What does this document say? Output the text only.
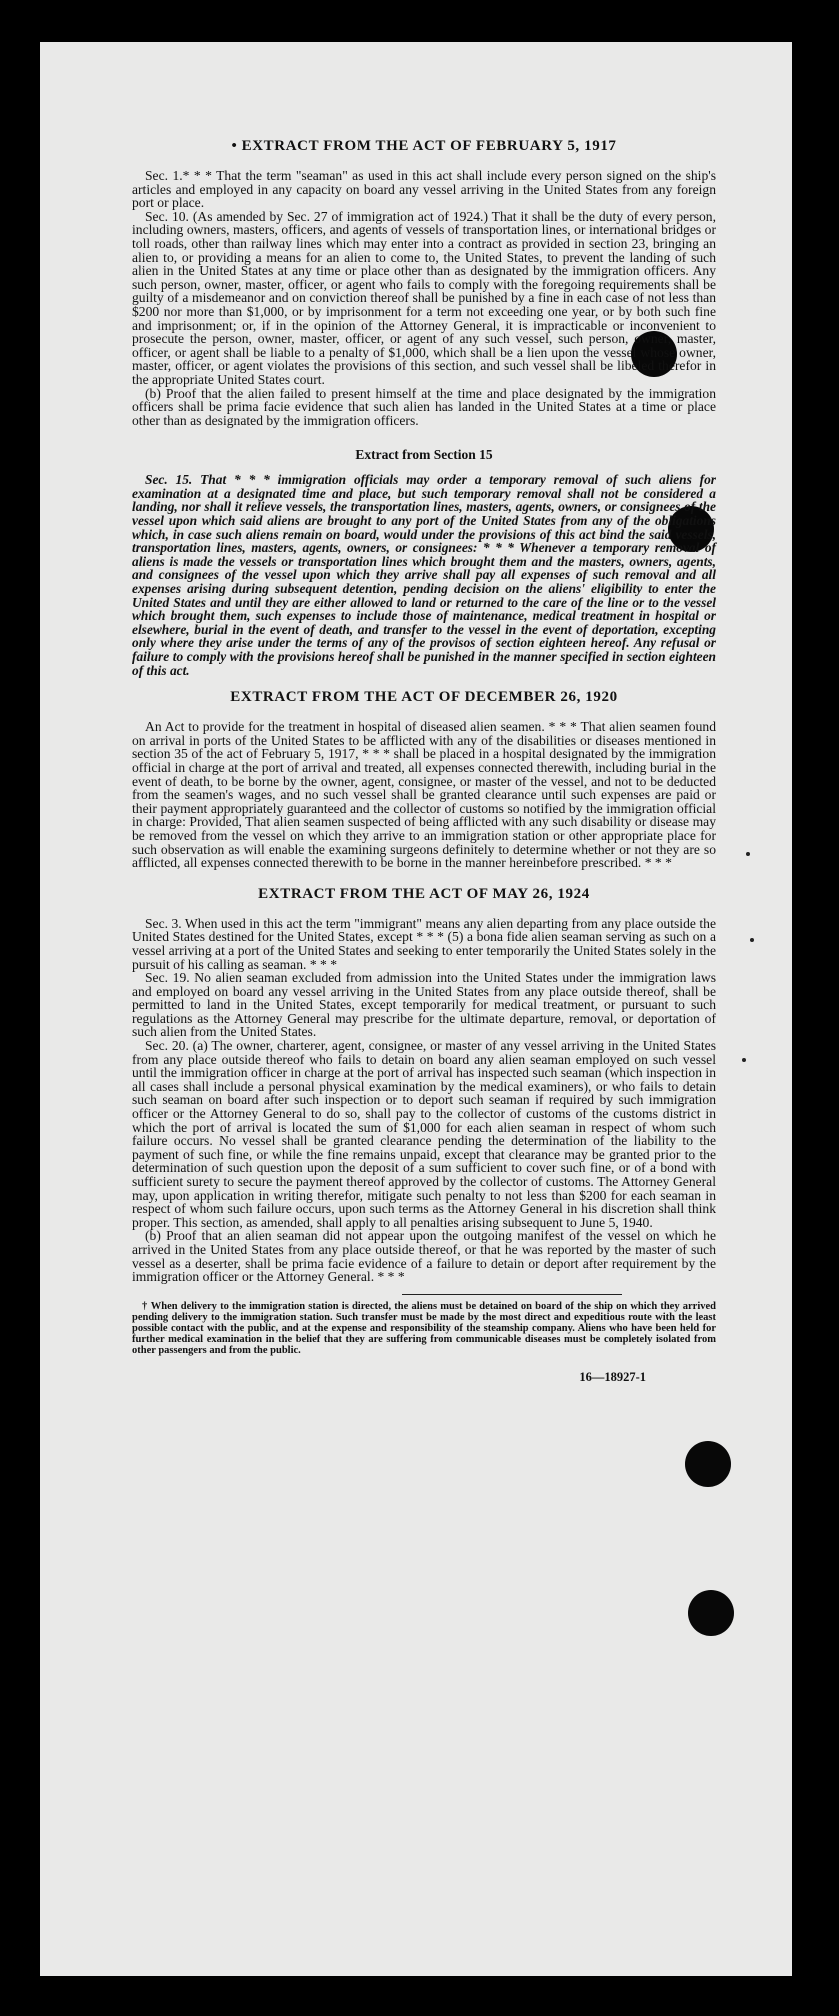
• EXTRACT FROM THE ACT OF FEBRUARY 5, 1917

Sec. 1.* * * That the term "seaman" as used in this act shall include every person signed on the ship's articles and employed in any capacity on board any vessel arriving in the United States from any foreign port or place.

Sec. 10. (As amended by Sec. 27 of immigration act of 1924.) That it shall be the duty of every person, including owners, masters, officers, and agents of vessels of transportation lines, or international bridges or toll roads, other than railway lines which may enter into a contract as provided in section 23, bringing an alien to, or providing a means for an alien to come to, the United States, to prevent the landing of such alien in the United States at any time or place other than as designated by the immigration officers. Any such person, owner, master, officer, or agent who fails to comply with the foregoing requirements shall be guilty of a misdemeanor and on conviction thereof shall be punished by a fine in each case of not less than $200 nor more than $1,000, or by imprisonment for a term not exceeding one year, or by both such fine and imprisonment; or, if in the opinion of the Attorney General, it is impracticable or inconvenient to prosecute the person, owner, master, officer, or agent of any such vessel, such person, owner, master, officer, or agent shall be liable to a penalty of $1,000, which shall be a lien upon the vessel whose owner, master, officer, or agent violates the provisions of this section, and such vessel shall be libeled therefor in the appropriate United States court.

(b) Proof that the alien failed to present himself at the time and place designated by the immigration officers shall be prima facie evidence that such alien has landed in the United States at a time or place other than as designated by the immigration officers.

Extract from Section 15

Sec. 15. That * * * immigration officials may order a temporary removal of such aliens for examination at a designated time and place, but such temporary removal shall not be considered a landing, nor shall it relieve vessels, the transportation lines, masters, agents, owners, or consignees of the vessel upon which said aliens are brought to any port of the United States from any of the obligations which, in case such aliens remain on board, would under the provisions of this act bind the said vessels, transportation lines, masters, agents, owners, or consignees: * * * Whenever a temporary removal of aliens is made the vessels or transportation lines which brought them and the masters, owners, agents, and consignees of the vessel upon which they arrive shall pay all expenses of such removal and all expenses arising during subsequent detention, pending decision on the aliens' eligibility to enter the United States and until they are either allowed to land or returned to the care of the line or to the vessel which brought them, such expenses to include those of maintenance, medical treatment in hospital or elsewhere, burial in the event of death, and transfer to the vessel in the event of deportation, excepting only where they arise under the terms of any of the provisos of section eighteen hereof. Any refusal or failure to comply with the provisions hereof shall be punished in the manner specified in section eighteen of this act.

EXTRACT FROM THE ACT OF DECEMBER 26, 1920

An Act to provide for the treatment in hospital of diseased alien seamen. * * * That alien seamen found on arrival in ports of the United States to be afflicted with any of the disabilities or diseases mentioned in section 35 of the act of February 5, 1917, * * * shall be placed in a hospital designated by the immigration official in charge at the port of arrival and treated, all expenses connected therewith, including burial in the event of death, to be borne by the owner, agent, consignee, or master of the vessel, and not to be deducted from the seamen's wages, and no such vessel shall be granted clearance until such expenses are paid or their payment appropriately guaranteed and the collector of customs so notified by the immigration official in charge: Provided, That alien seamen suspected of being afflicted with any such disability or disease may be removed from the vessel on which they arrive to an immigration station or other appropriate place for such observation as will enable the examining surgeons definitely to determine whether or not they are so afflicted, all expenses connected therewith to be borne in the manner hereinbefore prescribed. * * *

EXTRACT FROM THE ACT OF MAY 26, 1924

Sec. 3. When used in this act the term "immigrant" means any alien departing from any place outside the United States destined for the United States, except * * * (5) a bona fide alien seaman serving as such on a vessel arriving at a port of the United States and seeking to enter temporarily the United States solely in the pursuit of his calling as seaman. * * *

Sec. 19. No alien seaman excluded from admission into the United States under the immigration laws and employed on board any vessel arriving in the United States from any place outside thereof, shall be permitted to land in the United States, except temporarily for medical treatment, or pursuant to such regulations as the Attorney General may prescribe for the ultimate departure, removal, or deportation of such alien from the United States.

Sec. 20. (a) The owner, charterer, agent, consignee, or master of any vessel arriving in the United States from any place outside thereof who fails to detain on board any alien seaman employed on such vessel until the immigration officer in charge at the port of arrival has inspected such seaman (which inspection in all cases shall include a personal physical examination by the medical examiners), or who fails to detain such seaman on board after such inspection or to deport such seaman if required by such immigration officer or the Attorney General to do so, shall pay to the collector of customs of the customs district in which the port of arrival is located the sum of $1,000 for each alien seaman in respect of whom such failure occurs. No vessel shall be granted clearance pending the determination of the liability to the payment of such fine, or while the fine remains unpaid, except that clearance may be granted prior to the determination of such question upon the deposit of a sum sufficient to cover such fine, or of a bond with sufficient surety to secure the payment thereof approved by the collector of customs. The Attorney General may, upon application in writing therefor, mitigate such penalty to not less than $200 for each seaman in respect of whom such failure occurs, upon such terms as the Attorney General in his discretion shall think proper. This section, as amended, shall apply to all penalties arising subsequent to June 5, 1940.

(b) Proof that an alien seaman did not appear upon the outgoing manifest of the vessel on which he arrived in the United States from any place outside thereof, or that he was reported by the master of such vessel as a deserter, shall be prima facie evidence of a failure to detain or deport after requirement by the immigration officer or the Attorney General. * * *

† When delivery to the immigration station is directed, the aliens must be detained on board of the ship on which they arrived pending delivery to the immigration station. Such transfer must be made by the most direct and expeditious route with the least possible contact with the public, and at the expense and responsibility of the steamship company. Aliens who have been held for further medical examination in the belief that they are suffering from communicable diseases must be completely isolated from other passengers and from the public.

16—18927-1
